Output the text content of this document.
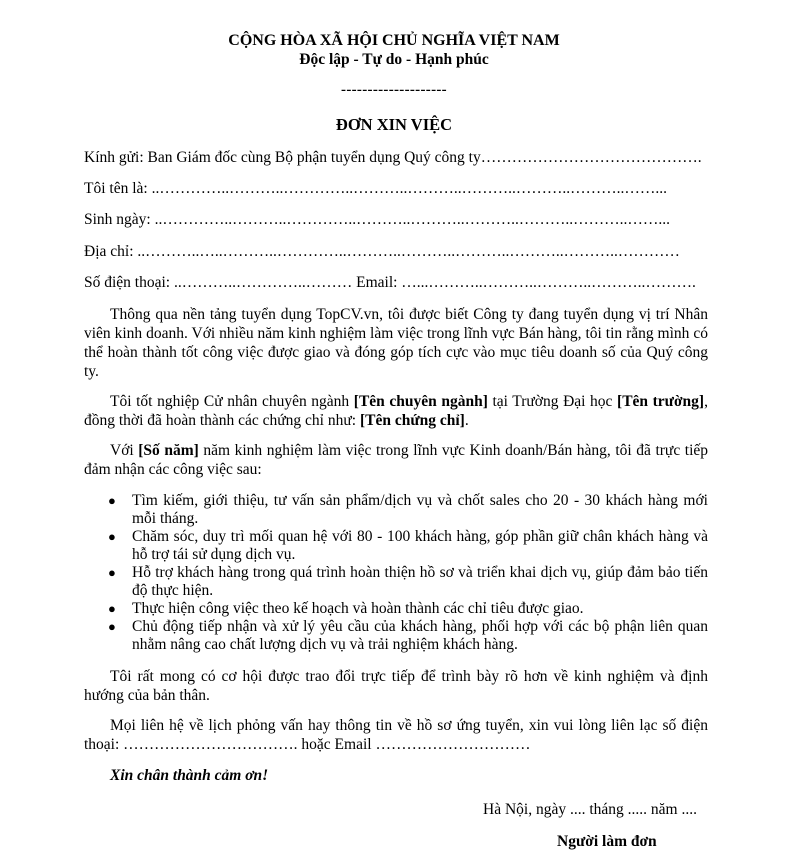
CỘNG HÒA XÃ HỘI CHỦ NGHĨA VIỆT NAM
Độc lập - Tự do - Hạnh phúc
--------------------
ĐƠN XIN VIỆC
Kính gửi: Ban Giám đốc cùng Bộ phận tuyển dụng Quý công ty…………………………………….
Tôi tên là: ..…………..………..…………..………..………..………..………..………..……...
Sinh ngày: ..…………..………..…………..………..………..………..………..………..……...
Địa chỉ: ..………..…..………..…………..………..………..………..………..………..…………
Số điện thoại: ..………..…………..……… Email: …...………..………..………..………..……….
Thông qua nền tảng tuyển dụng TopCV.vn, tôi được biết Công ty đang tuyển dụng vị trí Nhân viên kinh doanh. Với nhiều năm kinh nghiệm làm việc trong lĩnh vực Bán hàng, tôi tin rằng mình có thể hoàn thành tốt công việc được giao và đóng góp tích cực vào mục tiêu doanh số của Quý công ty.
Tôi tốt nghiệp Cử nhân chuyên ngành [Tên chuyên ngành] tại Trường Đại học [Tên trường], đồng thời đã hoàn thành các chứng chỉ như: [Tên chứng chỉ].
Với [Số năm] năm kinh nghiệm làm việc trong lĩnh vực Kinh doanh/Bán hàng, tôi đã trực tiếp đảm nhận các công việc sau:
● Tìm kiếm, giới thiệu, tư vấn sản phẩm/dịch vụ và chốt sales cho 20 - 30 khách hàng mới mỗi tháng.
● Chăm sóc, duy trì mối quan hệ với 80 - 100 khách hàng, góp phần giữ chân khách hàng và hỗ trợ tái sử dụng dịch vụ.
● Hỗ trợ khách hàng trong quá trình hoàn thiện hồ sơ và triển khai dịch vụ, giúp đảm bảo tiến độ thực hiện.
● Thực hiện công việc theo kế hoạch và hoàn thành các chỉ tiêu được giao.
● Chủ động tiếp nhận và xử lý yêu cầu của khách hàng, phối hợp với các bộ phận liên quan nhằm nâng cao chất lượng dịch vụ và trải nghiệm khách hàng.
Tôi rất mong có cơ hội được trao đổi trực tiếp để trình bày rõ hơn về kinh nghiệm và định hướng của bản thân.
Mọi liên hệ về lịch phỏng vấn hay thông tin về hồ sơ ứng tuyển, xin vui lòng liên lạc số điện thoại: ……………………………. hoặc Email …………………………
Xin chân thành cảm ơn!
Hà Nội, ngày .... tháng ..... năm ....
Người làm đơn
